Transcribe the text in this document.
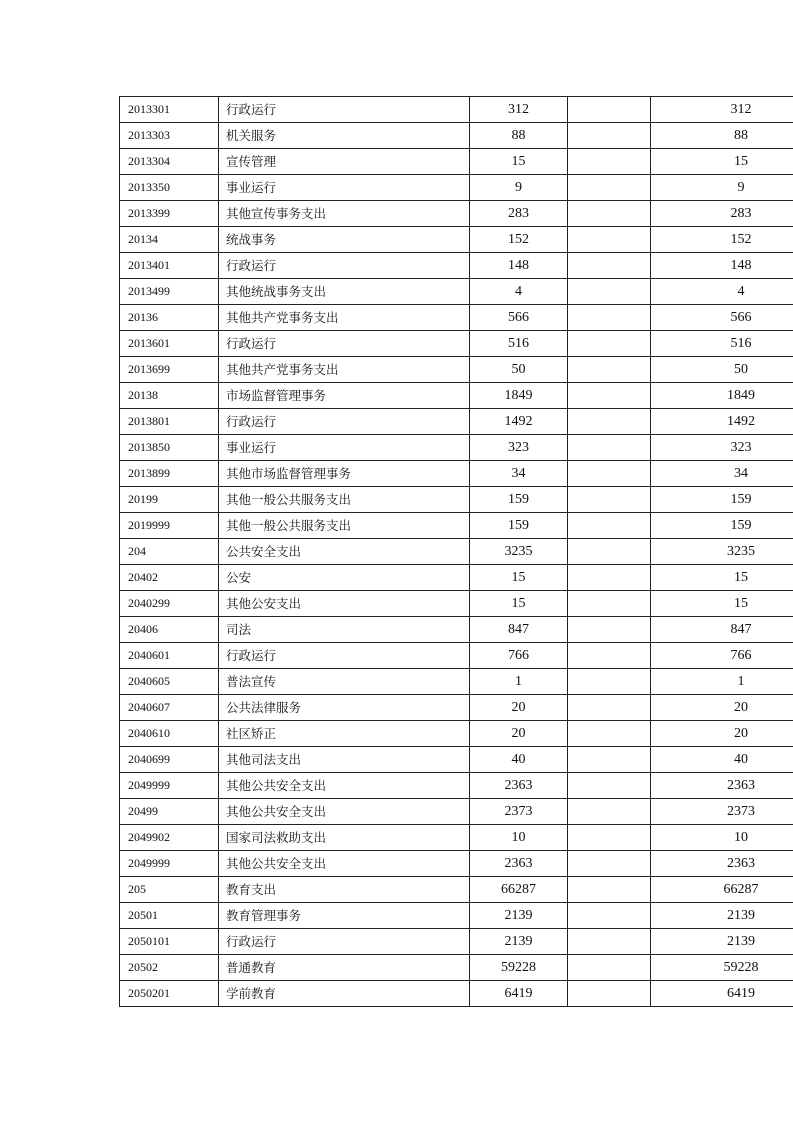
2013301	行政运行	312		312
2013303	机关服务	88		88
2013304	宣传管理	15		15
2013350	事业运行	9		9
2013399	其他宣传事务支出	283		283
20134	统战事务	152		152
2013401	行政运行	148		148
2013499	其他统战事务支出	4		4
20136	其他共产党事务支出	566		566
2013601	行政运行	516		516
2013699	其他共产党事务支出	50		50
20138	市场监督管理事务	1849		1849
2013801	行政运行	1492		1492
2013850	事业运行	323		323
2013899	其他市场监督管理事务	34		34
20199	其他一般公共服务支出	159		159
2019999	其他一般公共服务支出	159		159
204	公共安全支出	3235		3235
20402	公安	15		15
2040299	其他公安支出	15		15
20406	司法	847		847
2040601	行政运行	766		766
2040605	普法宣传	1		1
2040607	公共法律服务	20		20
2040610	社区矫正	20		20
2040699	其他司法支出	40		40
2049999	其他公共安全支出	2363		2363
20499	其他公共安全支出	2373		2373
2049902	国家司法救助支出	10		10
2049999	其他公共安全支出	2363		2363
205	教育支出	66287		66287
20501	教育管理事务	2139		2139
2050101	行政运行	2139		2139
20502	普通教育	59228		59228
2050201	学前教育	6419		6419
